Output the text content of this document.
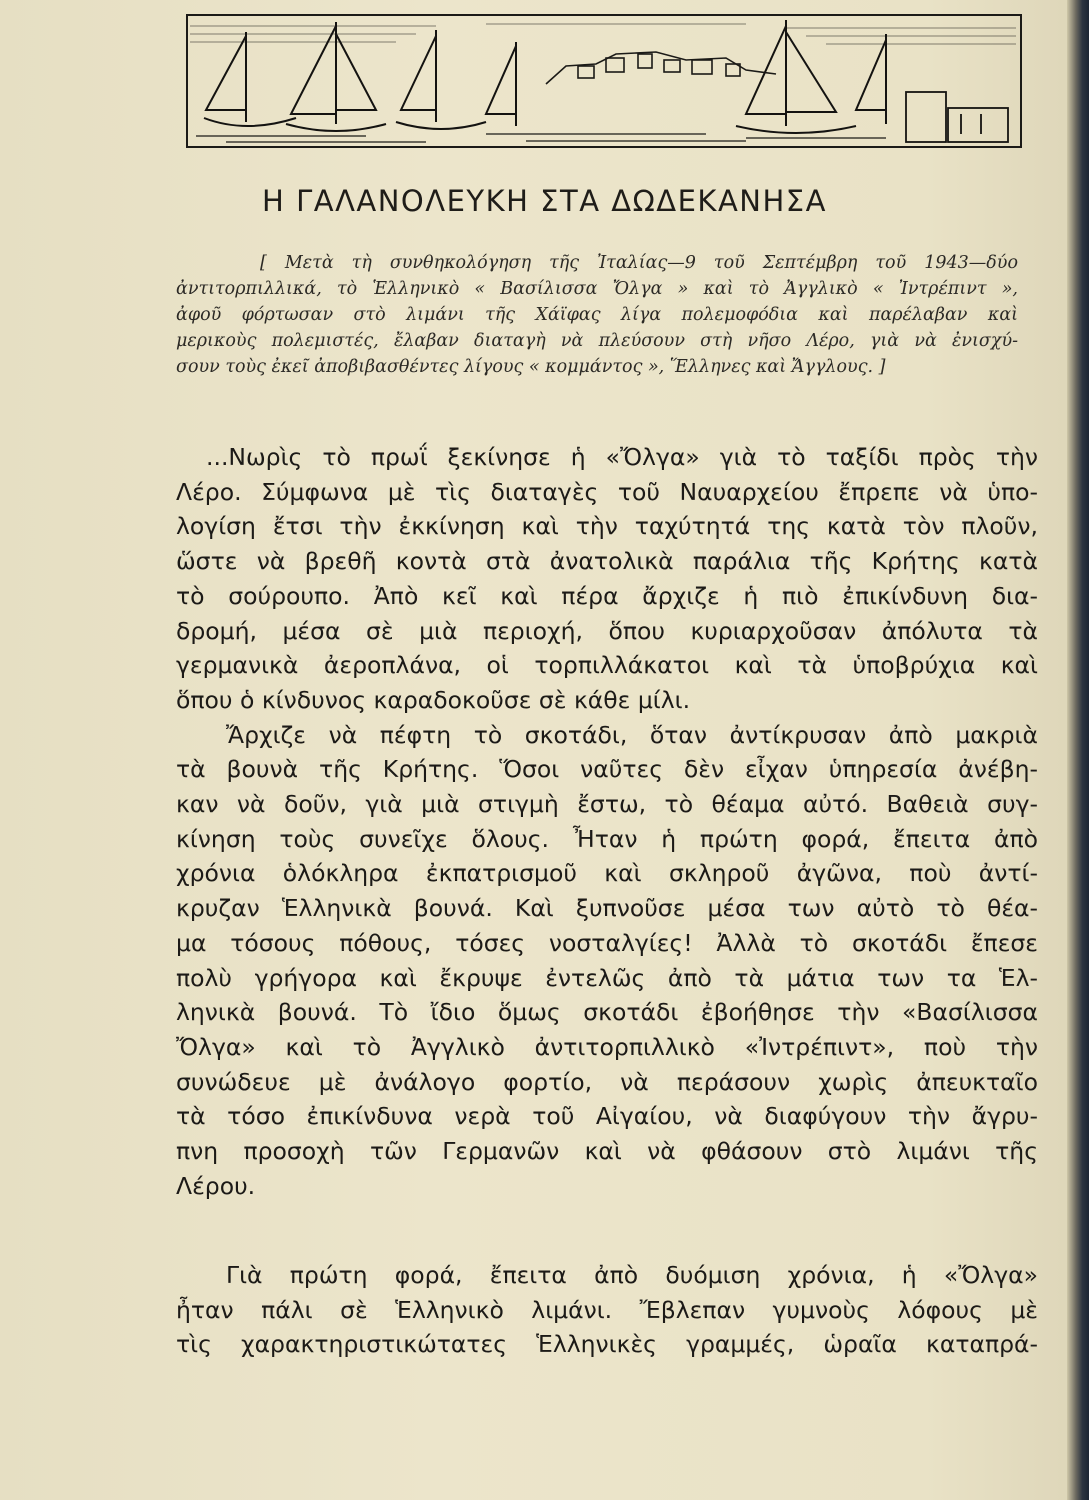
Η ΓΑΛΑΝΟΛΕΥΚΗ ΣΤΑ ΔΩΔΕΚΑΝΗΣΑ
[ Μετὰ τὴ συνθηκολόγηση τῆς Ἰταλίας—9 τοῦ Σεπτέμβρη τοῦ 1943—δύο
ἀντιτορπιλλικά, τὸ Ἑλληνικὸ « Βασίλισσα Ὄλγα » καὶ τὸ Ἀγγλικὸ « Ἰντρέπιντ »,
ἀφοῦ φόρτωσαν στὸ λιμάνι τῆς Χάϊφας λίγα πολεμοφόδια καὶ παρέλαβαν καὶ
μερικοὺς πολεμιστές, ἔλαβαν διαταγὴ νὰ πλεύσουν στὴ νῆσο Λέρο, γιὰ νὰ ἐνισχύ-
σουν τοὺς ἐκεῖ ἀποβιβασθέντες λίγους « κομμάντος », Ἕλληνες καὶ Ἄγγλους. ]
...Νωρὶς τὸ πρωΐ ξεκίνησε ἡ «Ὄλγα» γιὰ τὸ ταξίδι πρὸς τὴν
Λέρο. Σύμφωνα μὲ τὶς διαταγὲς τοῦ Ναυαρχείου ἔπρεπε νὰ ὑπο-
λογίση ἔτσι τὴν ἐκκίνηση καὶ τὴν ταχύτητά της κατὰ τὸν πλοῦν,
ὥστε νὰ βρεθῆ κοντὰ στὰ ἀνατολικὰ παράλια τῆς Κρήτης κατὰ
τὸ σούρουπο. Ἀπὸ κεῖ καὶ πέρα ἄρχιζε ἡ πιὸ ἐπικίνδυνη δια-
δρομή, μέσα σὲ μιὰ περιοχή, ὅπου κυριαρχοῦσαν ἀπόλυτα τὰ
γερμανικὰ ἀεροπλάνα, οἱ τορπιλλάκατοι καὶ τὰ ὑποβρύχια καὶ
ὅπου ὁ κίνδυνος καραδοκοῦσε σὲ κάθε μίλι.
Ἄρχιζε νὰ πέφτη τὸ σκοτάδι, ὅταν ἀντίκρυσαν ἀπὸ μακριὰ
τὰ βουνὰ τῆς Κρήτης. Ὅσοι ναῦτες δὲν εἶχαν ὑπηρεσία ἀνέβη-
καν νὰ δοῦν, γιὰ μιὰ στιγμὴ ἔστω, τὸ θέαμα αὐτό. Βαθειὰ συγ-
κίνηση τοὺς συνεῖχε ὅλους. Ἦταν ἡ πρώτη φορά, ἔπειτα ἀπὸ
χρόνια ὁλόκληρα ἐκπατρισμοῦ καὶ σκληροῦ ἀγῶνα, ποὺ ἀντί-
κρυζαν Ἑλληνικὰ βουνά. Καὶ ξυπνοῦσε μέσα των αὐτὸ τὸ θέα-
μα τόσους πόθους, τόσες νοσταλγίες! Ἀλλὰ τὸ σκοτάδι ἔπεσε
πολὺ γρήγορα καὶ ἔκρυψε ἐντελῶς ἀπὸ τὰ μάτια των τα Ἑλ-
ληνικὰ βουνά. Τὸ ἴδιο ὅμως σκοτάδι ἐβοήθησε τὴν «Βασίλισσα
Ὄλγα» καὶ τὸ Ἀγγλικὸ ἀντιτορπιλλικὸ «Ἰντρέπιντ», ποὺ τὴν
συνώδευε μὲ ἀνάλογο φορτίο, νὰ περάσουν χωρὶς ἀπευκταῖο
τὰ τόσο ἐπικίνδυνα νερὰ τοῦ Αἰγαίου, νὰ διαφύγουν τὴν ἄγρυ-
πνη προσοχὴ τῶν Γερμανῶν καὶ νὰ φθάσουν στὸ λιμάνι τῆς
Λέρου.
Γιὰ πρώτη φορά, ἔπειτα ἀπὸ δυόμιση χρόνια, ἡ «Ὄλγα»
ἦταν πάλι σὲ Ἑλληνικὸ λιμάνι. Ἔβλεπαν γυμνοὺς λόφους μὲ
τὶς χαρακτηριστικώτατες Ἑλληνικὲς γραμμές, ὡραῖα καταπρά-
